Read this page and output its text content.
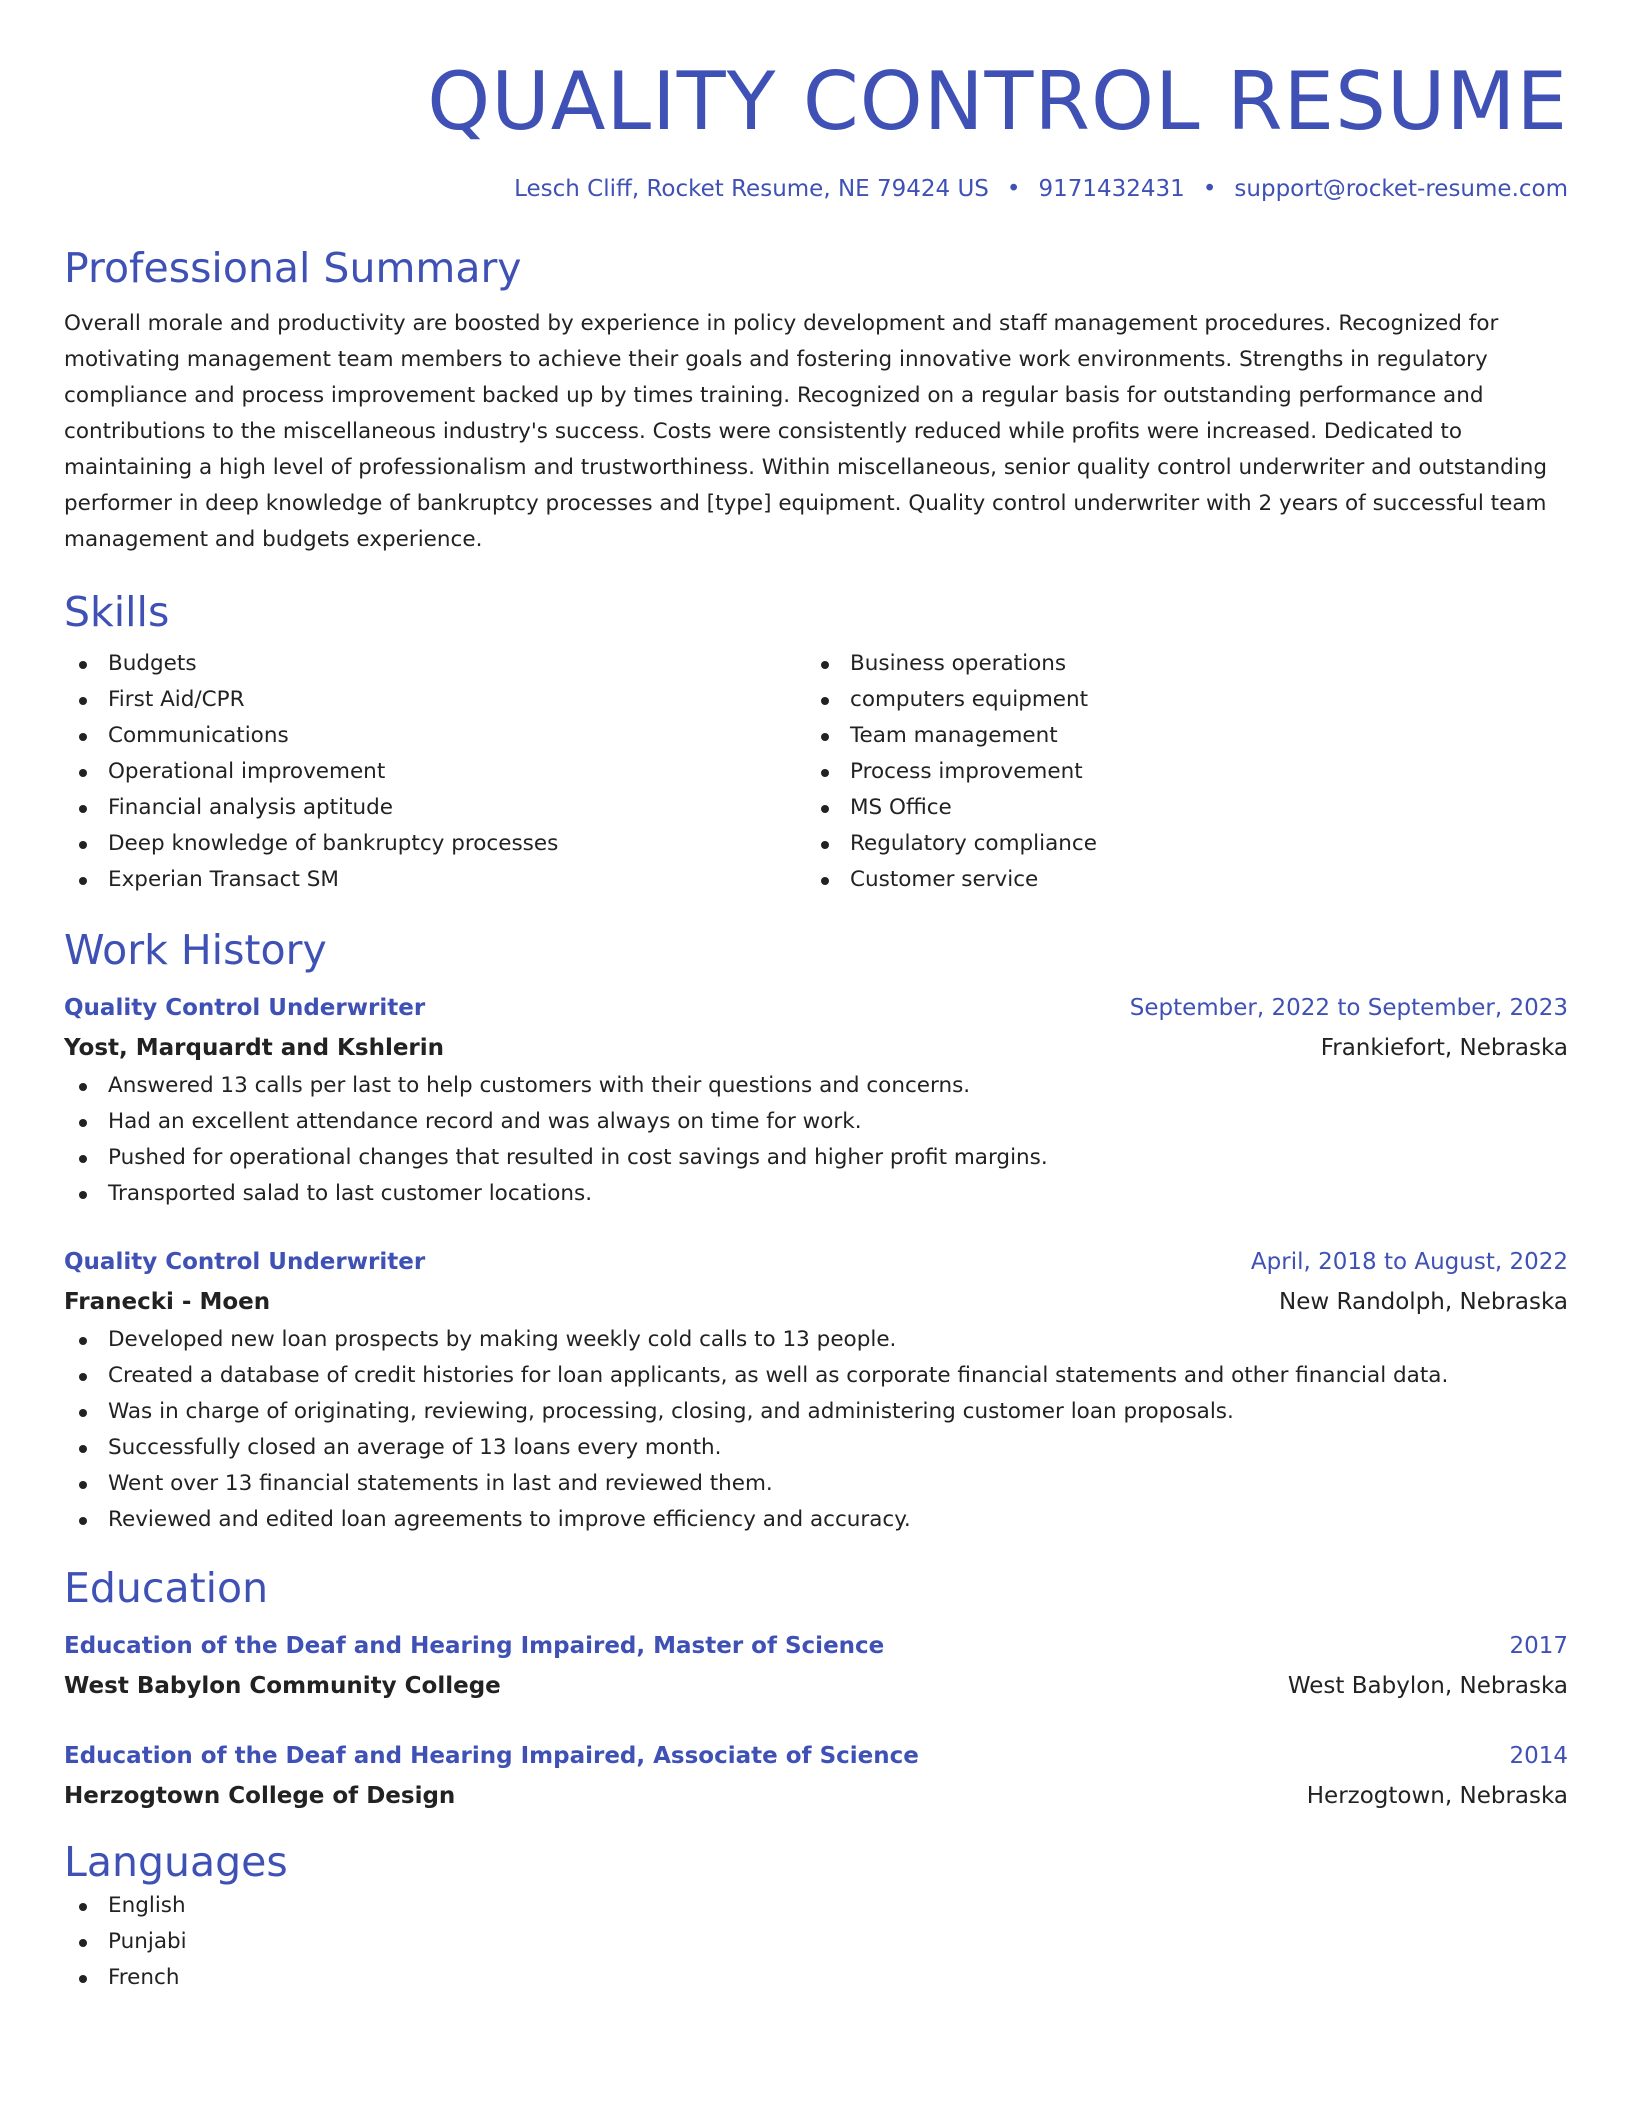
QUALITY CONTROL RESUME
Lesch Cliff, Rocket Resume, NE 79424 US • 9171432431 • support@rocket-resume.com
Professional Summary

Overall morale and productivity are boosted by experience in policy development and staff management procedures. Recognized for motivating management team members to achieve their goals and fostering innovative work environments. Strengths in regulatory compliance and process improvement backed up by times training. Recognized on a regular basis for outstanding performance and contributions to the miscellaneous industry's success. Costs were consistently reduced while profits were increased. Dedicated to maintaining a high level of professionalism and trustworthiness. Within miscellaneous, senior quality control underwriter and outstanding performer in deep knowledge of bankruptcy processes and [type] equipment. Quality control underwriter with 2 years of successful team management and budgets experience.

Skills
Budgets
First Aid/CPR
Communications
Operational improvement
Financial analysis aptitude
Deep knowledge of bankruptcy processes
Experian Transact SM
Business operations
computers equipment
Team management
Process improvement
MS Office
Regulatory compliance
Customer service
Work History
Quality Control Underwriter	September, 2022 to September, 2023
Yost, Marquardt and Kshlerin	Frankiefort, Nebraska
Answered 13 calls per last to help customers with their questions and concerns.
Had an excellent attendance record and was always on time for work.
Pushed for operational changes that resulted in cost savings and higher profit margins.
Transported salad to last customer locations.
Quality Control Underwriter	April, 2018 to August, 2022
Franecki - Moen	New Randolph, Nebraska
Developed new loan prospects by making weekly cold calls to 13 people.
Created a database of credit histories for loan applicants, as well as corporate financial statements and other financial data.
Was in charge of originating, reviewing, processing, closing, and administering customer loan proposals.
Successfully closed an average of 13 loans every month.
Went over 13 financial statements in last and reviewed them.
Reviewed and edited loan agreements to improve efficiency and accuracy.
Education
Education of the Deaf and Hearing Impaired, Master of Science	2017
West Babylon Community College	West Babylon, Nebraska
Education of the Deaf and Hearing Impaired, Associate of Science	2014
Herzogtown College of Design	Herzogtown, Nebraska
Languages
English
Punjabi
French
